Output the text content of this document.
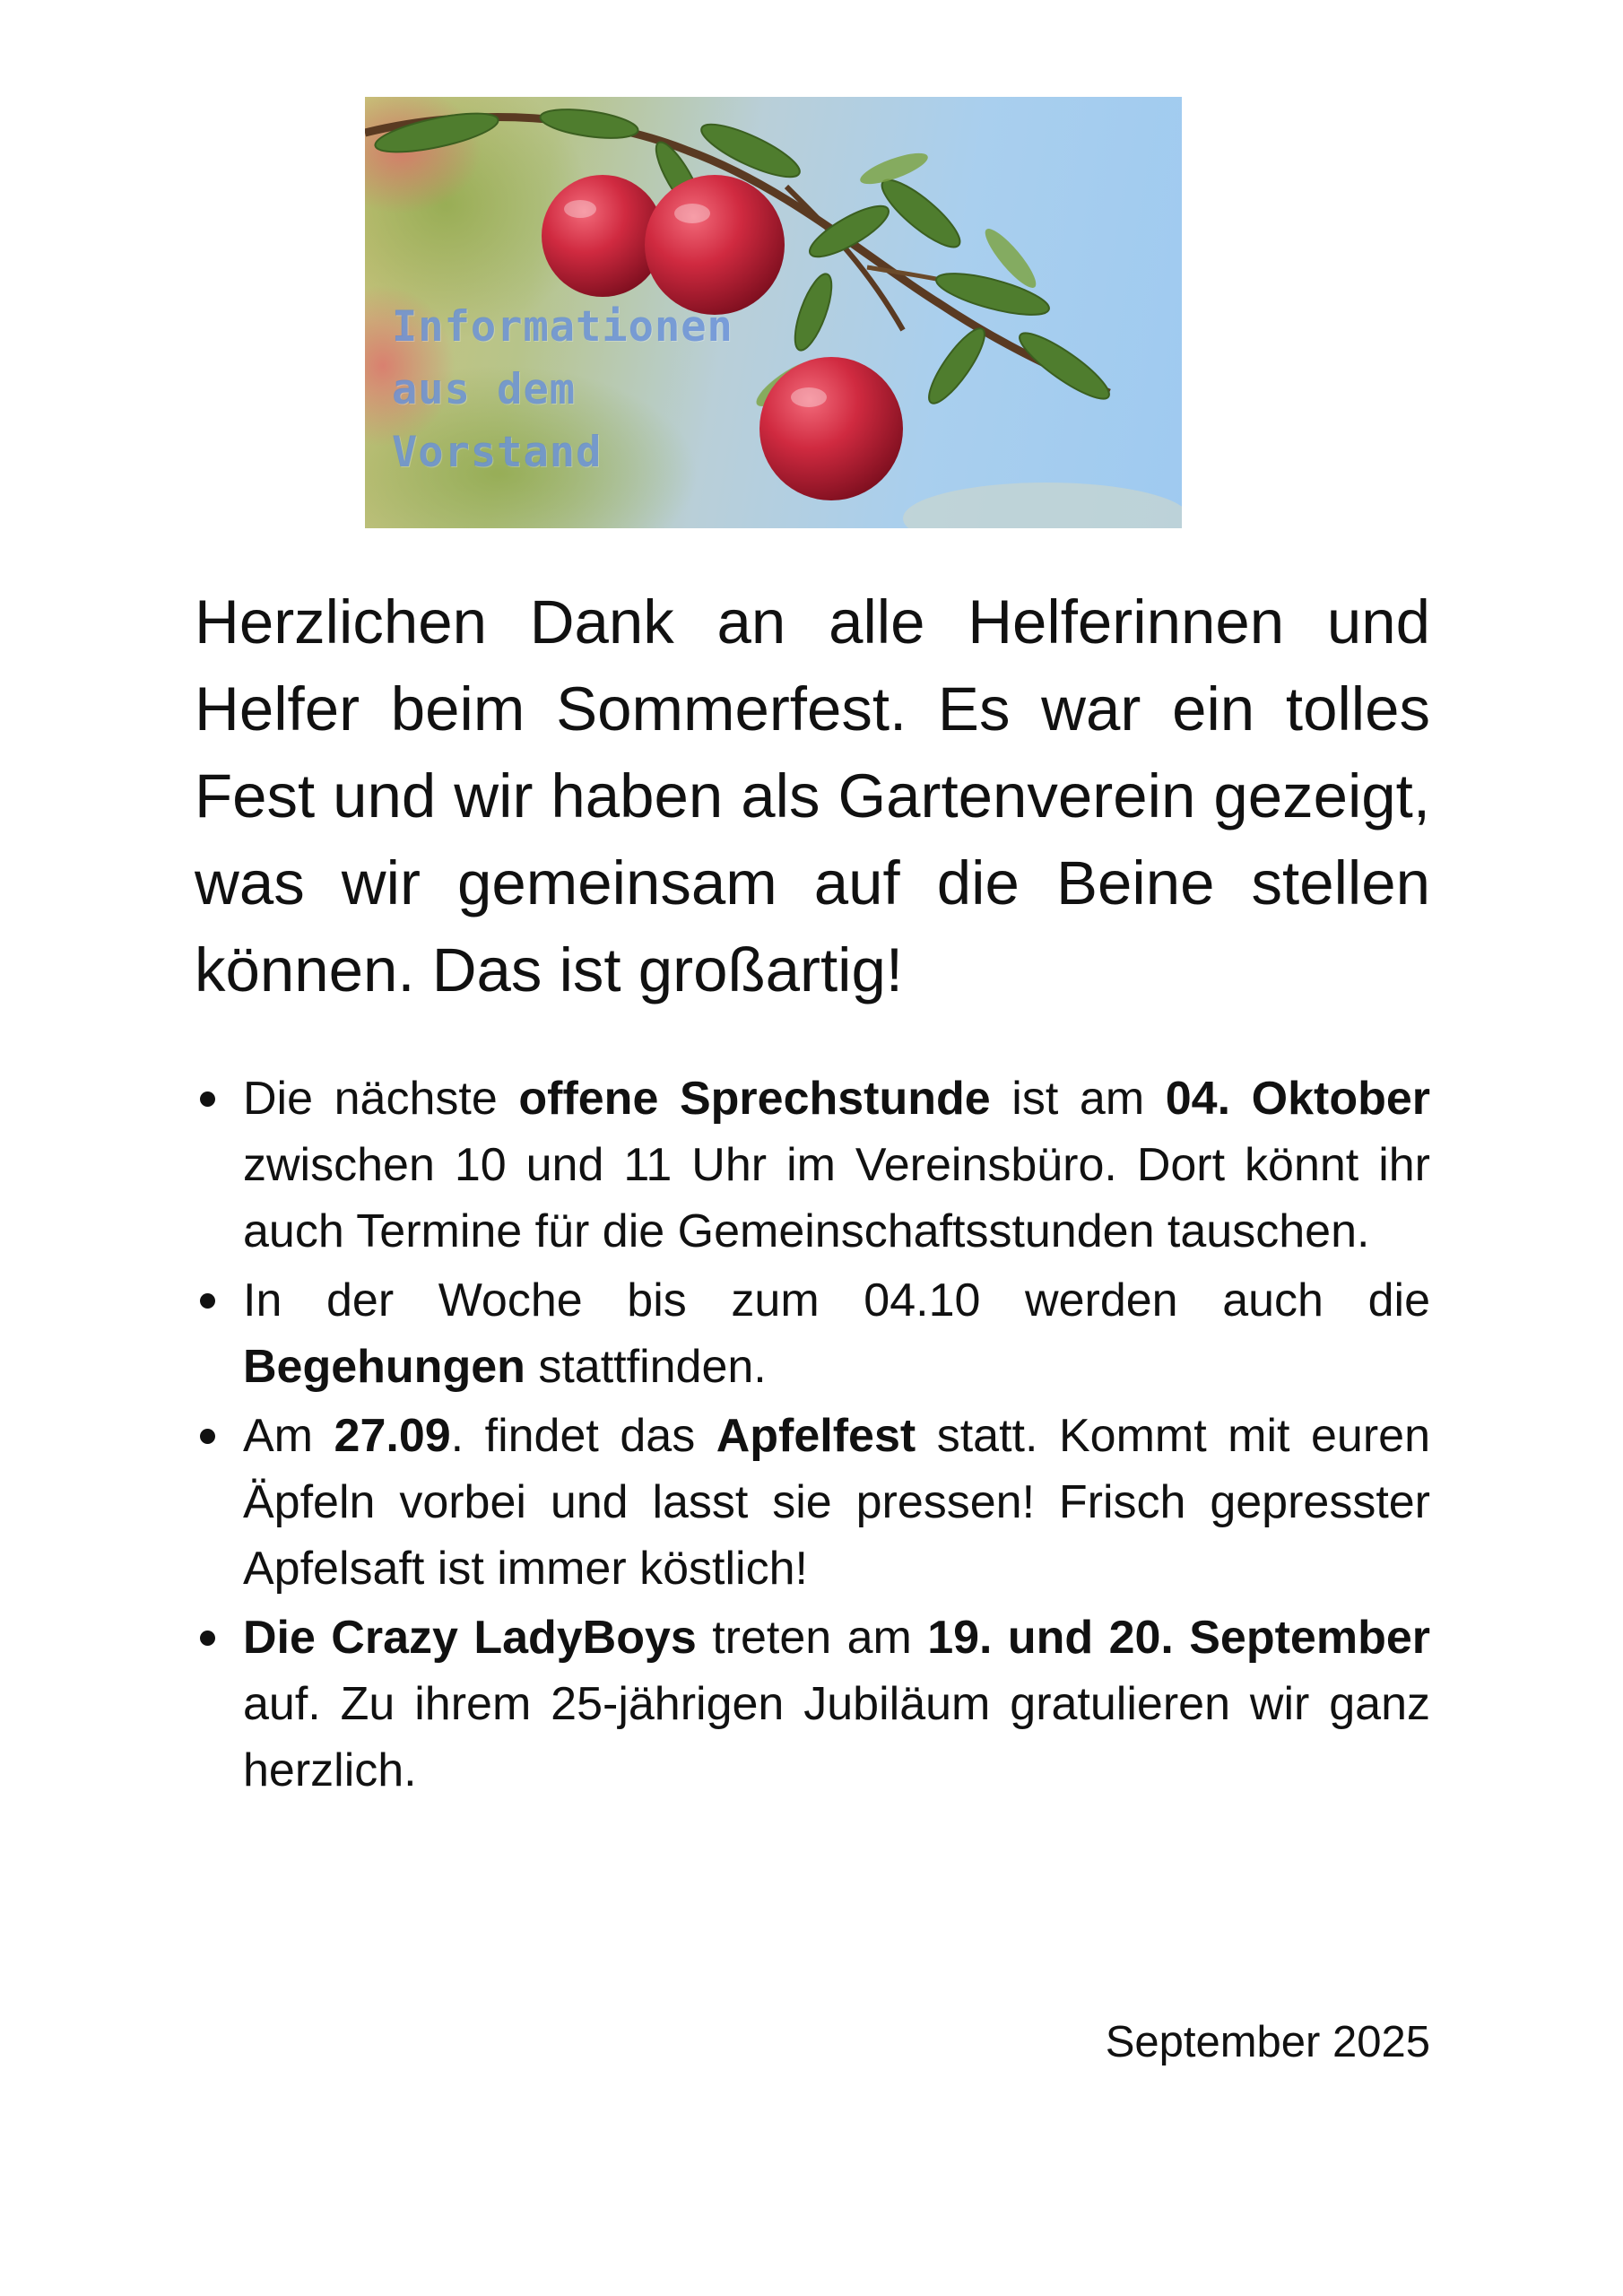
Informationen
aus dem
Vorstand

Herzlichen Dank an alle Helferinnen und Helfer beim Sommerfest. Es war ein tolles Fest und wir haben als Gartenverein gezeigt, was wir gemeinsam auf die Beine stellen können. Das ist großartig!

Die nächste offene Sprechstunde ist am 04. Oktober zwischen 10 und 11 Uhr im Vereinsbüro. Dort könnt ihr auch Termine für die Gemeinschaftsstunden tauschen.
In der Woche bis zum 04.10 werden auch die Begehungen stattfinden.
Am 27.09. findet das Apfelfest statt. Kommt mit euren Äpfeln vorbei und lasst sie pressen! Frisch gepresster Apfelsaft ist immer köstlich!
Die Crazy LadyBoys treten am 19. und 20. September auf. Zu ihrem 25-jährigen Jubiläum gratulieren wir ganz herzlich.
September 2025
